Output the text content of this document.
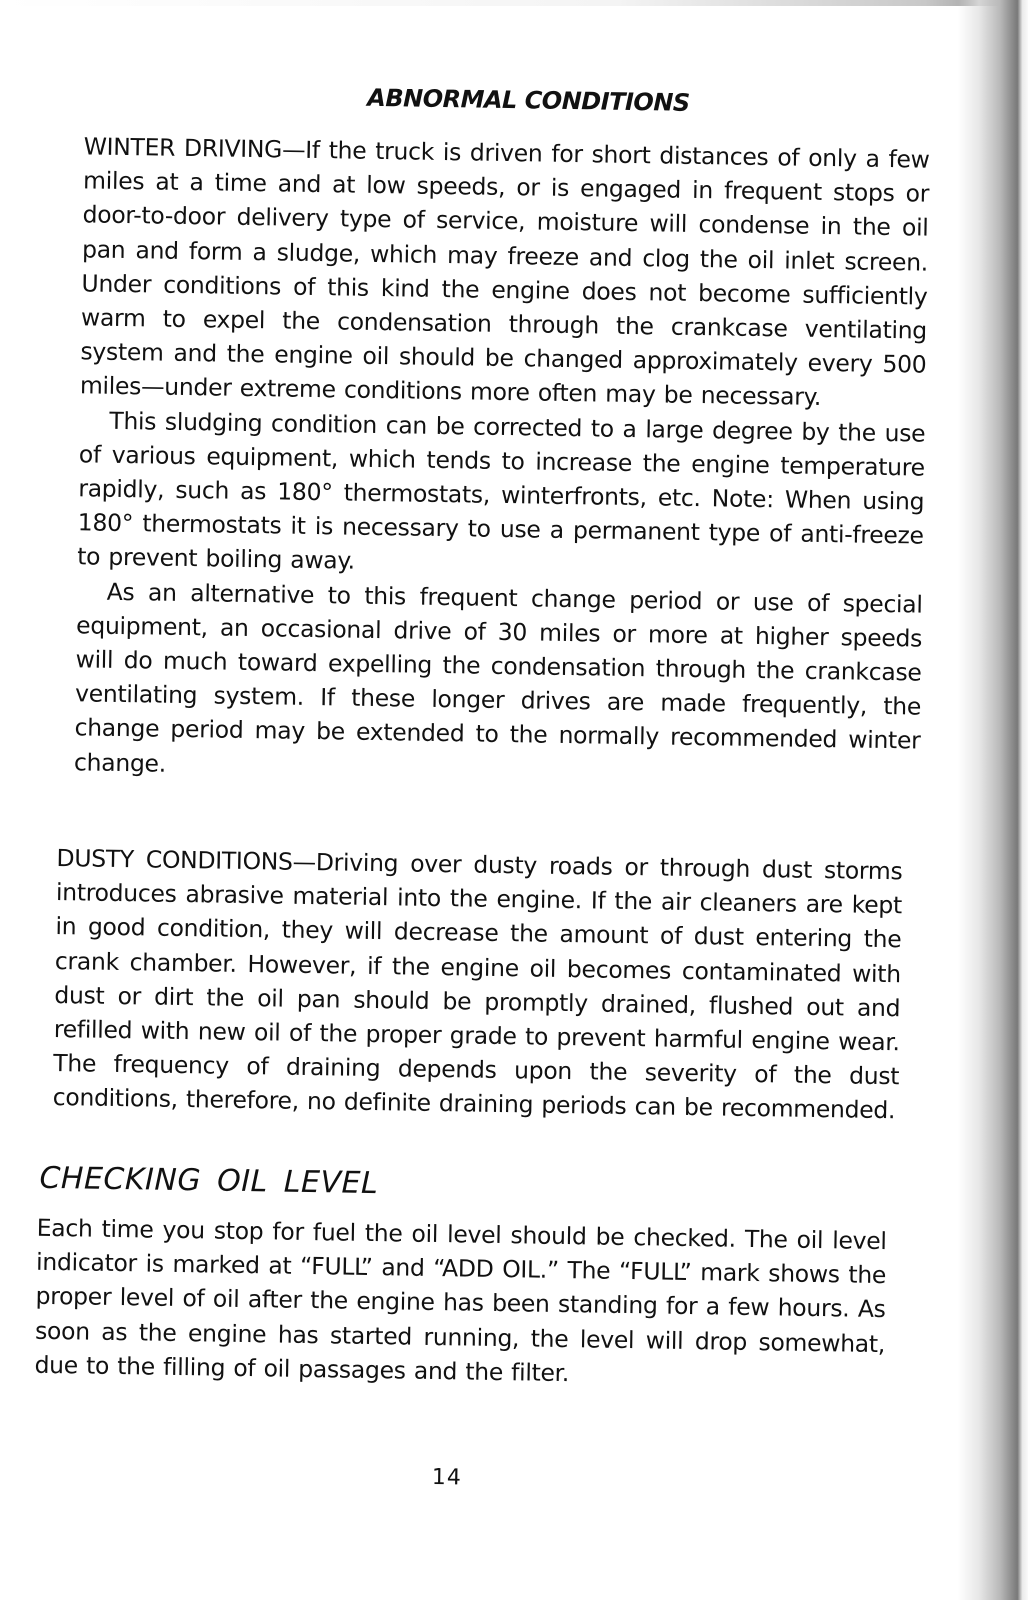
ABNORMAL CONDITIONS

WINTER DRIVING—If the truck is driven for short distances of only a few miles at a time and at low speeds, or is engaged in frequent stops or door-to-door delivery type of service, moisture will condense in the oil pan and form a sludge, which may freeze and clog the oil inlet screen. Under conditions of this kind the engine does not become sufficiently warm to expel the condensation through the crankcase ventilating system and the engine oil should be changed approximately every 500 miles—under extreme conditions more often may be necessary.

This sludging condition can be corrected to a large degree by the use of various equipment, which tends to increase the engine temperature rapidly, such as 180° thermostats, winterfronts, etc. Note: When using 180° thermostats it is necessary to use a permanent type of anti-freeze to prevent boiling away.

As an alternative to this frequent change period or use of special equipment, an occasional drive of 30 miles or more at higher speeds will do much toward expelling the condensation through the crankcase ventilating system. If these longer drives are made frequently, the change period may be extended to the normally recommended winter change.

DUSTY CONDITIONS—Driving over dusty roads or through dust storms introduces abrasive material into the engine. If the air cleaners are kept in good condition, they will decrease the amount of dust entering the crank chamber. However, if the engine oil becomes contaminated with dust or dirt the oil pan should be promptly drained, flushed out and refilled with new oil of the proper grade to prevent harmful engine wear. The frequency of draining depends upon the severity of the dust conditions, therefore, no definite draining periods can be recommended.

CHECKING OIL LEVEL

Each time you stop for fuel the oil level should be checked. The oil level indicator is marked at “FULL” and “ADD OIL.” The “FULL” mark shows the proper level of oil after the engine has been standing for a few hours. As soon as the engine has started running, the level will drop somewhat, due to the filling of oil passages and the filter.

14
